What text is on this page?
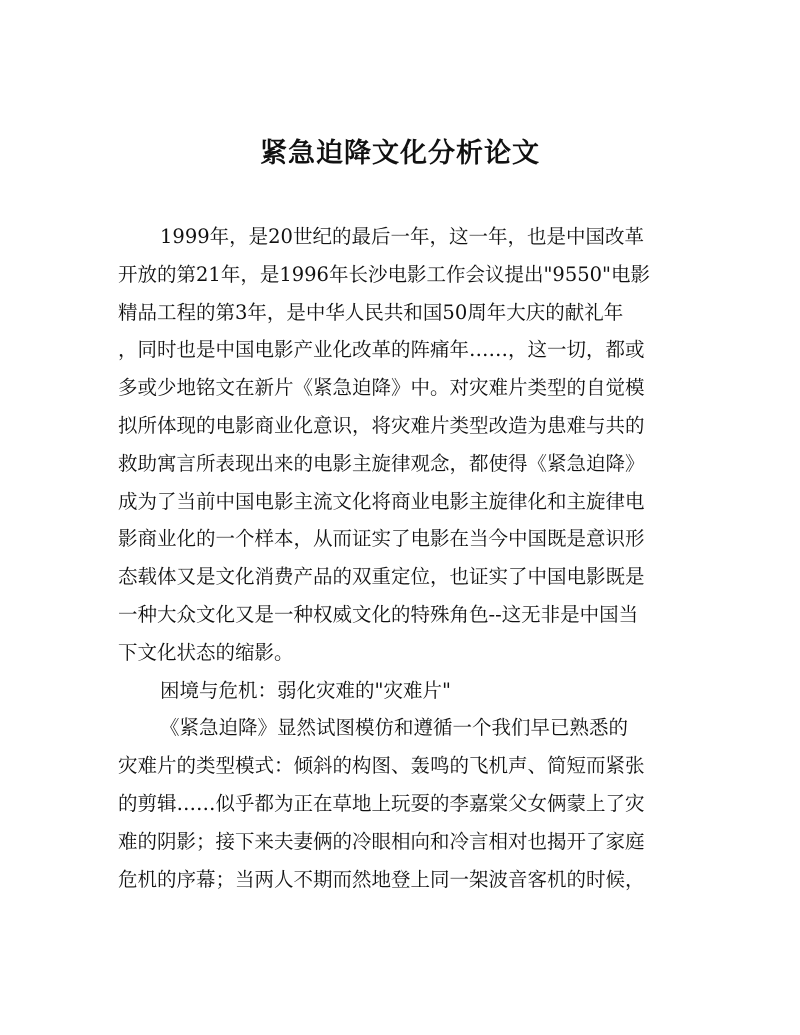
紧急迫降文化分析论文
1999年，是20世纪的最后一年，这一年，也是中国改革
开放的第21年，是1996年长沙电影工作会议提出"9550"电影
精品工程的第3年，是中华人民共和国50周年大庆的献礼年
，同时也是中国电影产业化改革的阵痛年……，这一切，都或
多或少地铭文在新片《紧急迫降》中。对灾难片类型的自觉模
拟所体现的电影商业化意识，将灾难片类型改造为患难与共的
救助寓言所表现出来的电影主旋律观念，都使得《紧急迫降》
成为了当前中国电影主流文化将商业电影主旋律化和主旋律电
影商业化的一个样本，从而证实了电影在当今中国既是意识形
态载体又是文化消费产品的双重定位，也证实了中国电影既是
一种大众文化又是一种权威文化的特殊角色--这无非是中国当
下文化状态的缩影。
困境与危机：弱化灾难的"灾难片"
《紧急迫降》显然试图模仿和遵循一个我们早已熟悉的
灾难片的类型模式：倾斜的构图、轰鸣的飞机声、简短而紧张
的剪辑……似乎都为正在草地上玩耍的李嘉棠父女俩蒙上了灾
难的阴影；接下来夫妻俩的冷眼相向和冷言相对也揭开了家庭
危机的序幕；当两人不期而然地登上同一架波音客机的时候，
